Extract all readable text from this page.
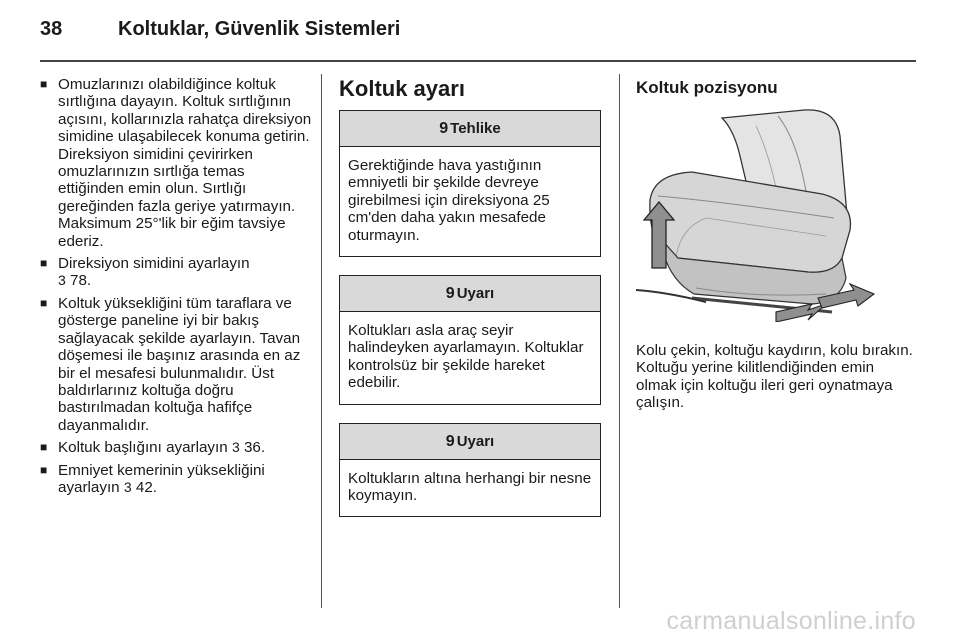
38	Koltuklar, Güvenlik Sistemleri
■ Omuzlarınızı olabildiğince koltuk sırtlığına dayayın. Koltuk sırtlığının açısını, kollarınızla rahatça direksiyon simidine ulaşabilecek konuma getirin. Direksiyon simidini çevirirken omuzlarınızın sırtlığa temas ettiğinden emin olun. Sırtlığı gereğinden fazla geriye yatırmayın. Maksimum 25°'lik bir eğim tavsiye ederiz.
■ Direksiyon simidini ayarlayın
3 78.
■ Koltuk yüksekliğini tüm taraflara ve gösterge paneline iyi bir bakış sağlayacak şekilde ayarlayın. Tavan döşemesi ile başınız arasında en az bir el mesafesi bulunmalıdır. Üst baldırlarınız koltuğa doğru bastırılmadan koltuğa hafifçe dayanmalıdır.
■ Koltuk başlığını ayarlayın 3 36.
■ Emniyet kemerinin yüksekliğini ayarlayın 3 42.
Koltuk ayarı
9 Tehlike
Gerektiğinde hava yastığının emniyetli bir şekilde devreye girebilmesi için direksiyona 25 cm'den daha yakın mesafede oturmayın.
9 Uyarı
Koltukları asla araç seyir halindeyken ayarlamayın. Koltuklar kontrolsüz bir şekilde hareket edebilir.
9 Uyarı
Koltukların altına herhangi bir nesne koymayın.
Koltuk pozisyonu
Kolu çekin, koltuğu kaydırın, kolu bırakın. Koltuğu yerine kilitlendiğinden emin olmak için koltuğu ileri geri oynatmaya çalışın.
carmanualsonline.info
